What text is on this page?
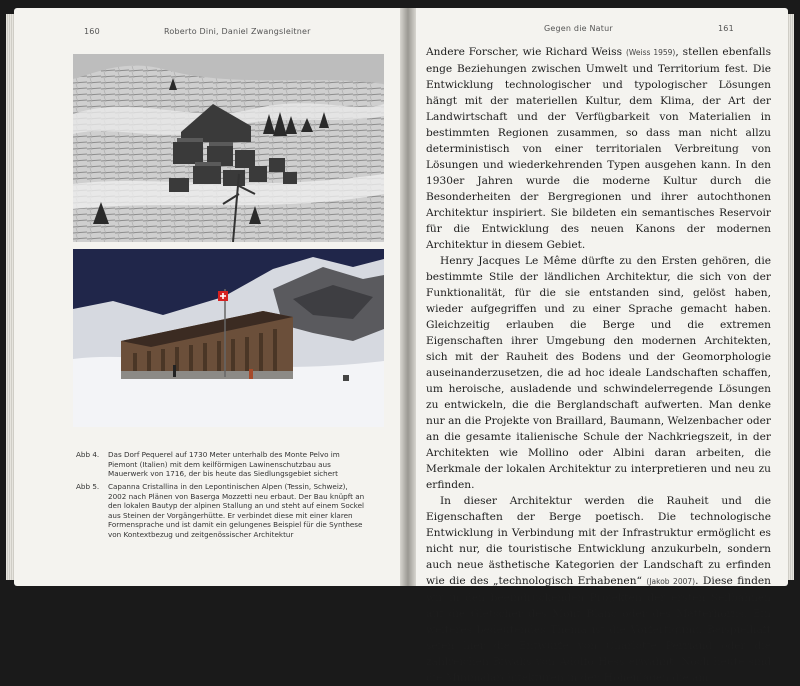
160	Roberto Dini, Daniel Zwangsleitner
Abb 4.	Das Dorf Pequerel auf 1730 Meter unterhalb des Monte Pelvo im Piemont (Italien) mit dem keilförmigen Lawinenschutzbau aus Mauerwerk von 1716, der bis heute das Siedlungsgebiet sichert
Abb 5.	Capanna Cristallina in den Lepontinischen Alpen (Tessin, Schweiz), 2002 nach Plänen von Baserga Mozzetti neu erbaut. Der Bau knüpft an den lokalen Bautyp der alpinen Stallung an und steht auf einem Sockel aus Steinen der Vorgängerhütte. Er verbindet diese mit einer klaren Formensprache und ist damit ein gelungenes Beispiel für die Synthese von Kontextbezug und zeitgenössischer Architektur
Gegen die Natur	161

Andere Forscher, wie Richard Weiss (Weiss 1959), stellen ebenfalls enge Beziehungen zwischen Umwelt und Territorium fest. Die Entwicklung technologischer und typologischer Lösungen hängt mit der materiellen Kultur, dem Klima, der Art der Landwirtschaft und der Verfügbarkeit von Materialien in bestimmten Regionen zusammen, so dass man nicht allzu deterministisch von einer territorialen Verbreitung von Lösungen und wiederkehrenden Typen ausgehen kann. In den 1930er Jahren wurde die moderne Kultur durch die Besonderheiten der Bergregionen und ihrer autochthonen Architektur inspiriert. Sie bildeten ein semantisches Reservoir für die Entwicklung des neuen Kanons der modernen Architektur in diesem Gebiet.

Henry Jacques Le Même dürfte zu den Ersten gehören, die bestimmte Stile der ländlichen Architektur, die sich von der Funktionalität, für die sie entstanden sind, gelöst haben, wieder aufgegriffen und zu einer Sprache gemacht haben. Gleichzeitig erlauben die Berge und die extremen Eigenschaften ihrer Umgebung den modernen Architekten, sich mit der Rauheit des Bodens und der Geomorphologie auseinanderzusetzen, die ad hoc ideale Landschaften schaffen, um heroische, ausladende und schwindelerregende Lösungen zu entwickeln, die die Berglandschaft aufwerten. Man denke nur an die Projekte von Braillard, Baumann, Welzenbacher oder an die gesamte italienische Schule der Nachkriegszeit, in der Architekten wie Mollino oder Albini daran arbeiten, die Merkmale der lokalen Architektur zu interpretieren und neu zu erfinden.

In dieser Architektur werden die Rauheit und die Eigenschaften der Berge poetisch. Die technologische Entwicklung in Verbindung mit der Infrastruktur ermöglicht es nicht nur, die touristische Entwicklung anzukurbeln, sondern auch neue ästhetische Kategorien der Landschaft zu erfinden wie die des „technologisch Erhabenen“ (Jakob 2007). Diese finden wir in den beeindruckenden Projekten der ersten Seilbahnen auf die Gletscher des Mont Blanc oder des Matterhorns. Ein weiteres bedeutendes Thema ist die Vorfertigung. Beispielhaft seien hier die Entwürfe von Charlotte Perriand oder die zahlreichen Biwaks von Adolfo Hess erwähnt. Noch heute sind die Minimalarchitekturen in den Höhenlagen die am
